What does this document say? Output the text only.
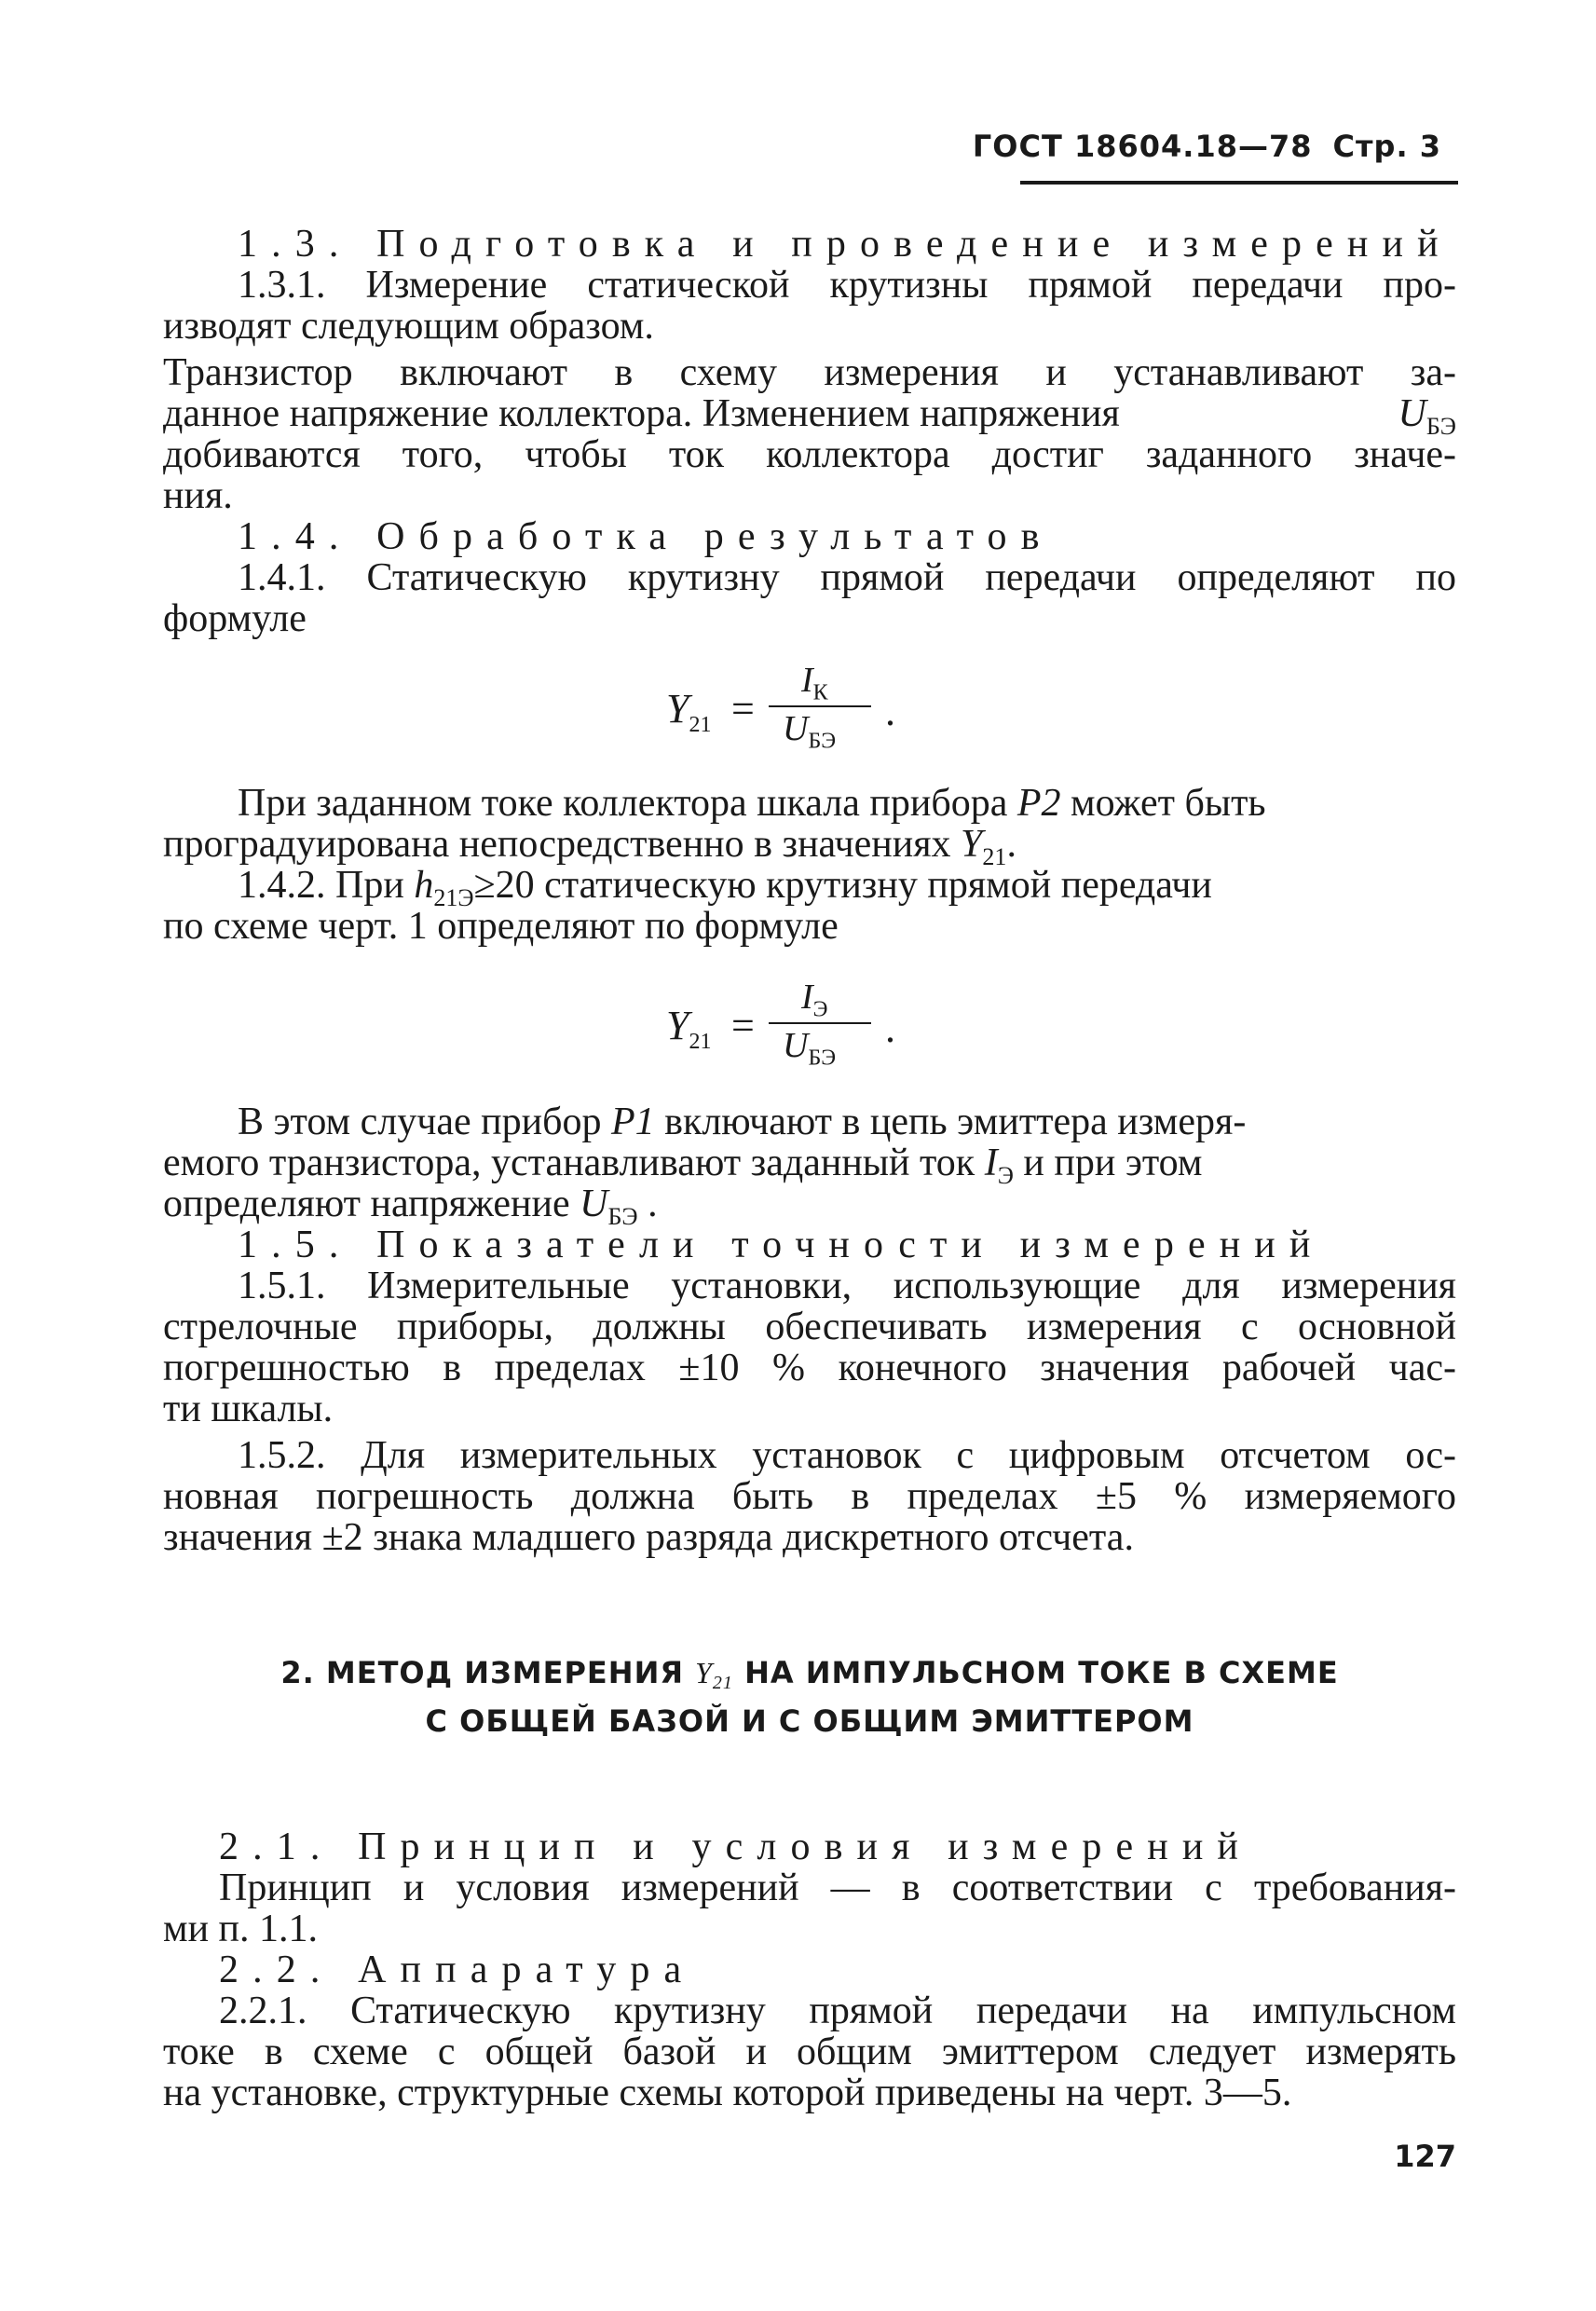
ГОСТ 18604.18—78 Стр. 3
1.3. Подготовка и проведение измерений
1.3.1. Измерение статической крутизны прямой передачи про-
изводят следующим образом.
Транзистор включают в схему измерения и устанавливают за-
данное напряжение коллектора. Изменением напряжения	$U_{БЭ}$
добиваются того, чтобы ток коллектора достиг заданного значе-
ния.
1.4. Обработка результатов
1.4.1. Статическую крутизну прямой передачи определяют по
формуле
$Y_{21}$ =
$I_К$
$U_{БЭ}$
.
При заданном токе коллектора шкала прибора P2 может быть
проградуирована непосредственно в значениях $Y_{21}$.
1.4.2. При $h_{21Э}\ge 20$ статическую крутизну прямой передачи
по схеме черт. 1 определяют по формуле
$Y_{21}$ =
$I_Э$
$U_{БЭ}$
.
В этом случае прибор P1 включают в цепь эмиттера измеря-
емого транзистора, устанавливают заданный ток $I_Э$ и при этом
определяют напряжение $U_{БЭ}$ .
1.5. Показатели точности измерений
1.5.1. Измерительные установки, использующие для измерения
стрелочные приборы, должны обеспечивать измерения с основной
погрешностью в пределах ±10 % конечного значения рабочей час-
ти шкалы.
1.5.2. Для измерительных установок с цифровым отсчетом ос-
новная погрешность должна быть в пределах ±5 % измеряемого
значения ±2 знака младшего разряда дискретного отсчета.
2. МЕТОД ИЗМЕРЕНИЯ Y21 НА ИМПУЛЬСНОМ ТОКЕ В СХЕМЕ
С ОБЩЕЙ БАЗОЙ И С ОБЩИМ ЭМИТТЕРОМ
2.1. Принцип и условия измерений
Принцип и условия измерений — в соответствии с требования-
ми п. 1.1.
2.2. Аппаратура
2.2.1. Статическую крутизну прямой передачи на импульсном
токе в схеме с общей базой и общим эмиттером следует измерять
на установке, структурные схемы которой приведены на черт. 3—5.
127
